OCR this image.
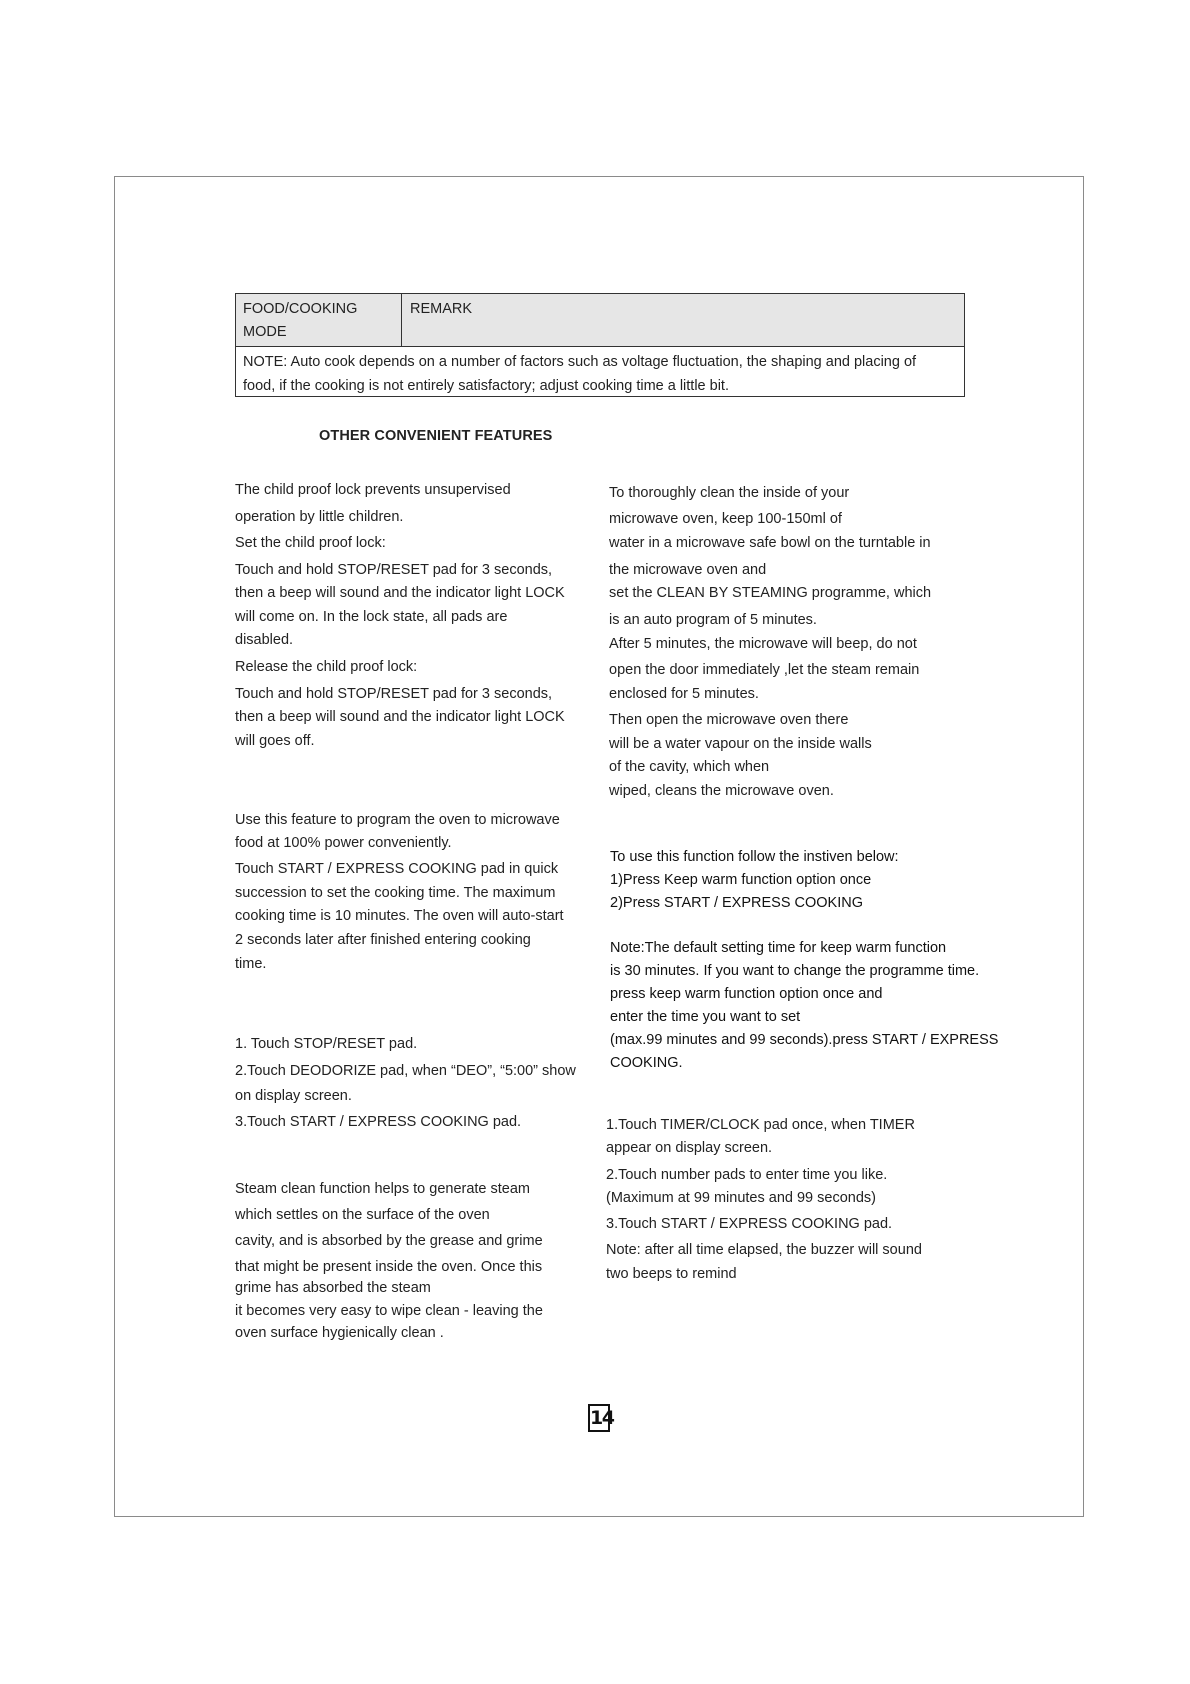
FOOD/COOKING
MODE
REMARK
NOTE: Auto cook depends on a number of factors such as voltage fluctuation, the shaping and placing of
food, if the cooking is not entirely satisfactory; adjust cooking time a little bit.
OTHER CONVENIENT FEATURES
The child proof lock prevents unsupervised
operation by little children.
Set the child proof lock:
Touch and hold STOP/RESET pad for 3 seconds,
then a beep will sound and the indicator light LOCK
will come on. In the lock state, all pads are
disabled.
Release the child proof lock:
Touch and hold STOP/RESET pad for 3 seconds,
then a beep will sound and the indicator light LOCK
will goes off.
Use this feature to program the oven to microwave
food at 100% power conveniently.
Touch START / EXPRESS COOKING pad in quick
succession to set the cooking time. The maximum
cooking time is 10 minutes. The oven will auto-start
2 seconds later after finished entering cooking
time.
1. Touch STOP/RESET pad.
2.Touch DEODORIZE pad, when “DEO”, “5:00” show
on display screen.
3.Touch START / EXPRESS COOKING pad.
Steam clean function helps to generate steam
which settles on the surface of the oven
cavity, and is absorbed by the grease and grime
that might be present inside the oven. Once this
grime has absorbed the steam
it becomes very easy to wipe clean - leaving the
oven surface hygienically clean .
To thoroughly clean the inside of your
microwave oven, keep 100-150ml of
water in a microwave safe bowl on the turntable in
the microwave oven and
set the CLEAN BY STEAMING programme, which
is an auto program of 5 minutes.
After 5 minutes, the microwave will beep, do not
open the door immediately ,let the steam remain
enclosed for 5 minutes.
Then open the microwave oven there
will be a water vapour on the inside walls
of the cavity, which when
wiped, cleans the microwave oven.
To use this function follow the instiven below:
1)Press Keep warm function option once
2)Press START / EXPRESS COOKING
Note:The default setting time for keep warm function
is 30 minutes. If you want to change the programme time.
press keep warm function option once and
enter the time you want to set
(max.99 minutes and 99 seconds).press START / EXPRESS
COOKING.
1.Touch TIMER/CLOCK pad once, when TIMER
appear on display screen.
2.Touch number pads to enter time you like.
(Maximum at 99 minutes and 99 seconds)
3.Touch START / EXPRESS COOKING pad.
Note: after all time elapsed, the buzzer will sound
two beeps to remind
14
